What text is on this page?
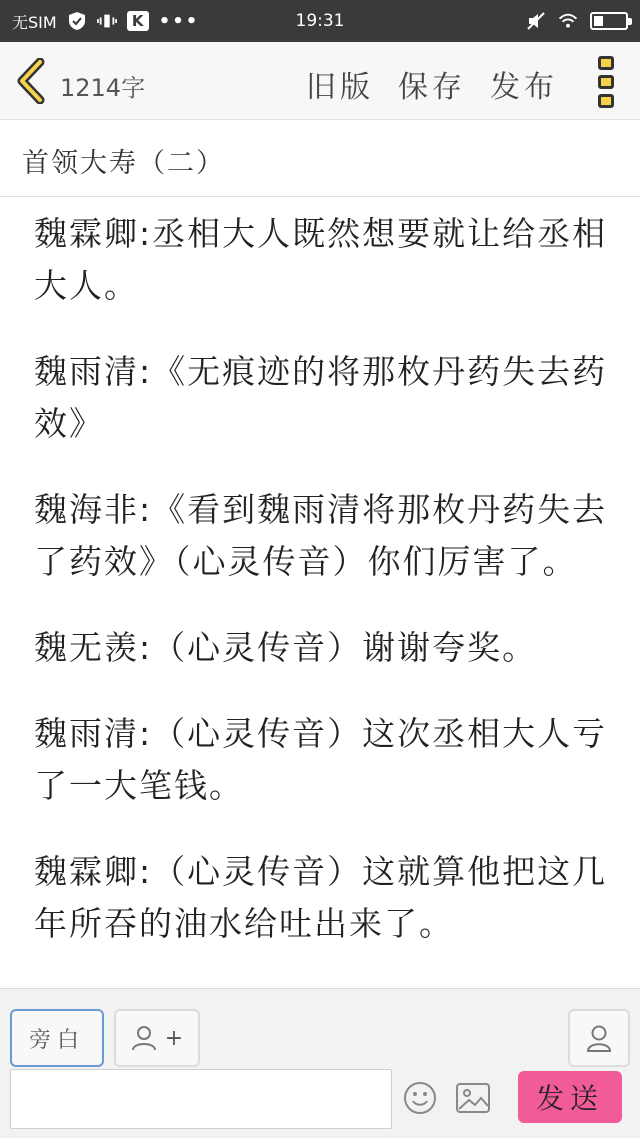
无SIM	K •••	19:31
1214字	旧版 保存 发布
首领大寿（二）

魏霖卿:丞相大人既然想要就让给丞相大人。

魏雨清:《无痕迹的将那枚丹药失去药效》

魏海非:《看到魏雨清将那枚丹药失去了药效》（心灵传音）你们厉害了。

魏无羡:（心灵传音）谢谢夸奖。

魏雨清:（心灵传音）这次丞相大人亏了一大笔钱。

魏霖卿:（心灵传音）这就算他把这几年所吞的油水给吐出来了。

旁白	+
发送
